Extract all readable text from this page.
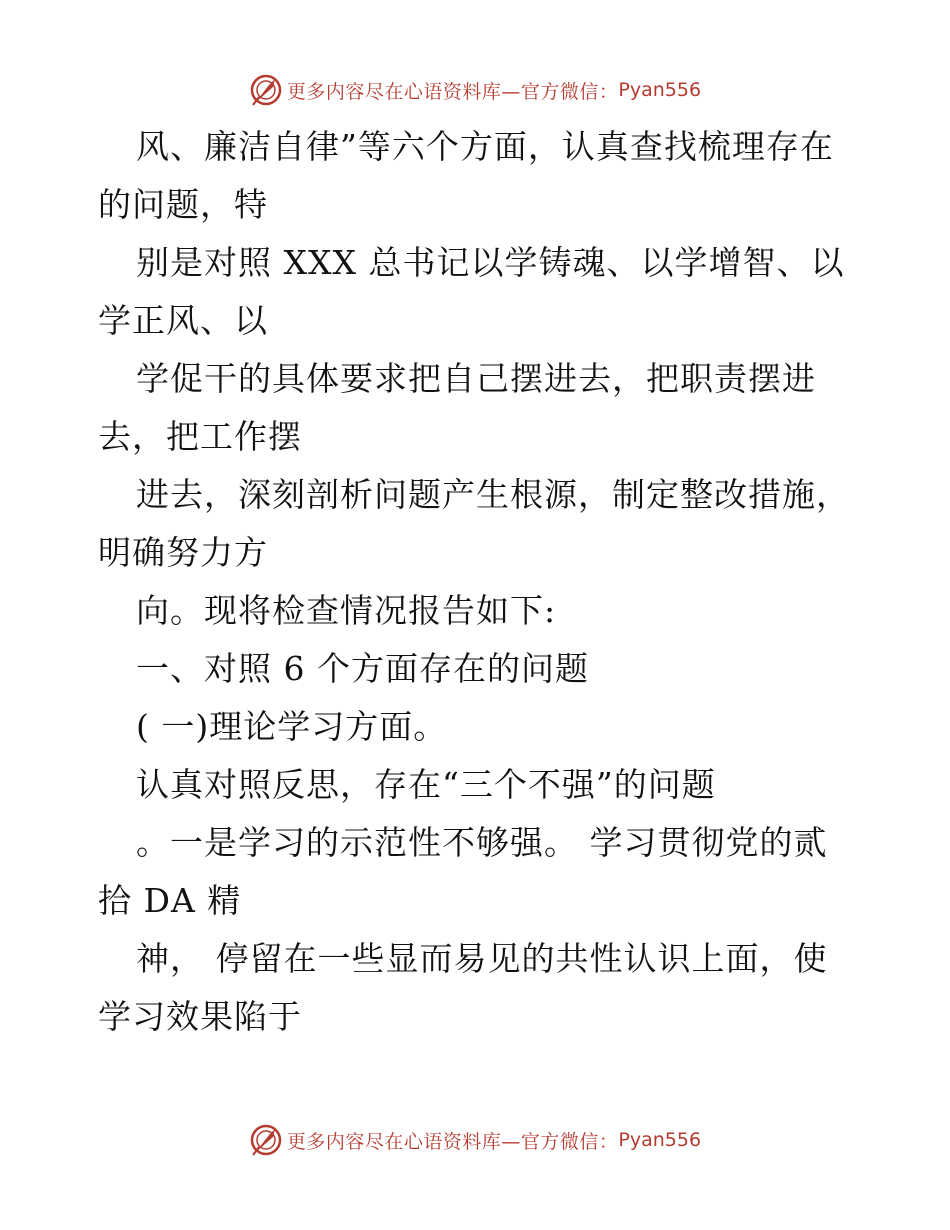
更多内容尽在心语资料库—官方微信： Pyan556
风、廉洁自律”等六个方面，认真查找梳理存在
的问题，特
别是对照 XXX 总书记以学铸魂、以学增智、以
学正风、以
学促干的具体要求把自己摆进去，把职责摆进
去，把工作摆
进去，深刻剖析问题产生根源，制定整改措施，
明确努力方
向。现将检查情况报告如下:
一、对照 6 个方面存在的问题
( 一)理论学习方面。
认真对照反思，存在“三个不强”的问题
。一是学习的示范性不够强。 学习贯彻党的贰
拾 DA 精
神， 停留在一些显而易见的共性认识上面，使
学习效果陷于
更多内容尽在心语资料库—官方微信： Pyan556
